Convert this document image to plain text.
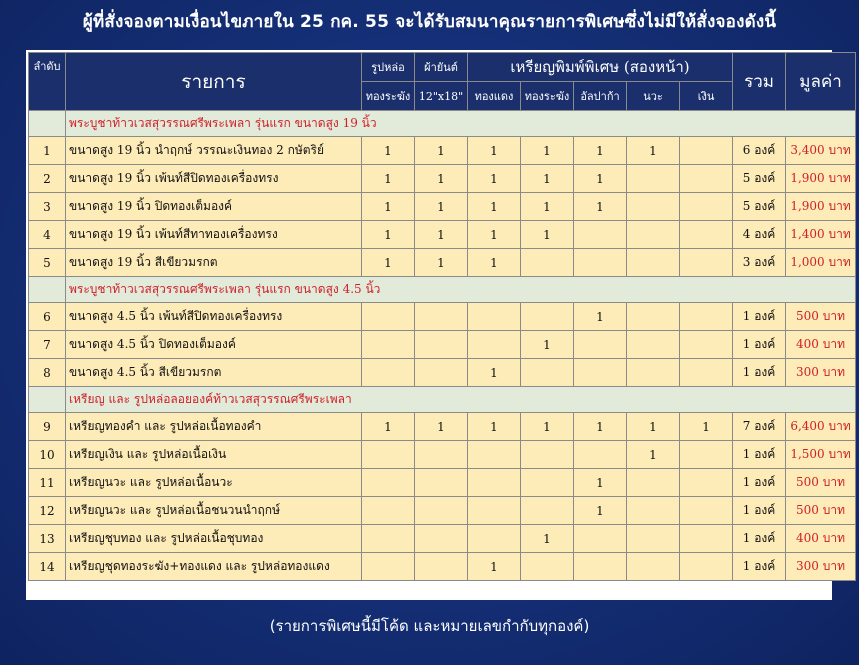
ผู้ที่สั่งจองตามเงื่อนไขภายใน 25 กค. 55 จะได้รับสมนาคุณรายการพิเศษซึ่งไม่มีให้สั่งจองดังนี้
ลำดับ	รายการ	รูปหล่อ	ผ้ายันต์	เหรียญพิมพ์พิเศษ (สองหน้า)					รวม	มูลค่า
		ทองระฆัง	12"x18"	ทองแดง	ทองระฆัง	อัลปาก้า	นวะ	เงิน		
	พระบูชาท้าวเวสสุวรรณศรีพระเพลา รุ่นแรก ขนาดสูง 19 นิ้ว									
1	ขนาดสูง 19 นิ้ว นำฤกษ์ วรรณะเงินทอง 2 กษัตริย์	1	1	1	1	1	1		6 องค์	3,400 บาท
2	ขนาดสูง 19 นิ้ว เพ้นท์สีปิดทองเครื่องทรง	1	1	1	1	1			5 องค์	1,900 บาท
3	ขนาดสูง 19 นิ้ว ปิดทองเต็มองค์	1	1	1	1	1			5 องค์	1,900 บาท
4	ขนาดสูง 19 นิ้ว เพ้นท์สีทาทองเครื่องทรง	1	1	1	1				4 องค์	1,400 บาท
5	ขนาดสูง 19 นิ้ว สีเขียวมรกต	1	1	1					3 องค์	1,000 บาท
	พระบูชาท้าวเวสสุวรรณศรีพระเพลา รุ่นแรก ขนาดสูง 4.5 นิ้ว									
6	ขนาดสูง 4.5 นิ้ว เพ้นท์สีปิดทองเครื่องทรง					1			1 องค์	500 บาท
7	ขนาดสูง 4.5 นิ้ว ปิดทองเต็มองค์				1				1 องค์	400 บาท
8	ขนาดสูง 4.5 นิ้ว สีเขียวมรกต			1					1 องค์	300 บาท
	เหรียญ และ รูปหล่อลอยองค์ท้าวเวสสุวรรณศรีพระเพลา									
9	เหรียญทองคำ และ รูปหล่อเนื้อทองคำ	1	1	1	1	1	1	1	7 องค์	6,400 บาท
10	เหรียญเงิน และ รูปหล่อเนื้อเงิน						1		1 องค์	1,500 บาท
11	เหรียญนวะ และ รูปหล่อเนื้อนวะ					1			1 องค์	500 บาท
12	เหรียญนวะ และ รูปหล่อเนื้อชนวนนำฤกษ์					1			1 องค์	500 บาท
13	เหรียญชุบทอง และ รูปหล่อเนื้อชุบทอง				1				1 องค์	400 บาท
14	เหรียญชุดทองระฆัง+ทองแดง และ รูปหล่อทองแดง			1					1 องค์	300 บาท
(รายการพิเศษนี้มีโค้ด และหมายเลขกำกับทุกองค์)
